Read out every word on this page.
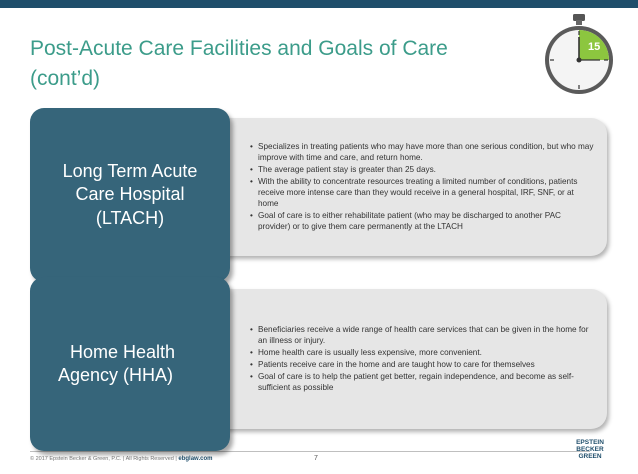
Post-Acute Care Facilities and Goals of Care
(cont’d)
15
Long Term Acute
Care Hospital
(LTACH)
• Specializes in treating patients who may have more than one serious condition, but who may improve with time and care, and return home.
• The average patient stay is greater than 25 days.
• With the ability to concentrate resources treating a limited number of conditions, patients receive more intense care than they would receive in a general hospital, IRF, SNF, or at home
• Goal of care is to either rehabilitate patient (who may be discharged to another PAC provider) or to give them care permanently at the LTACH
Home Health
Agency (HHA)
• Beneficiaries receive a wide range of health care services that can be given in the home for an illness or injury.
• Home health care is usually less expensive, more convenient.
• Patients receive care in the home and are taught how to care for themselves
• Goal of care is to help the patient get better, regain independence, and become as self-sufficient as possible
© 2017 Epstein Becker & Green, P.C. | All Rights Reserved | ebglaw.com	7
EPSTEIN
BECKER
GREEN
